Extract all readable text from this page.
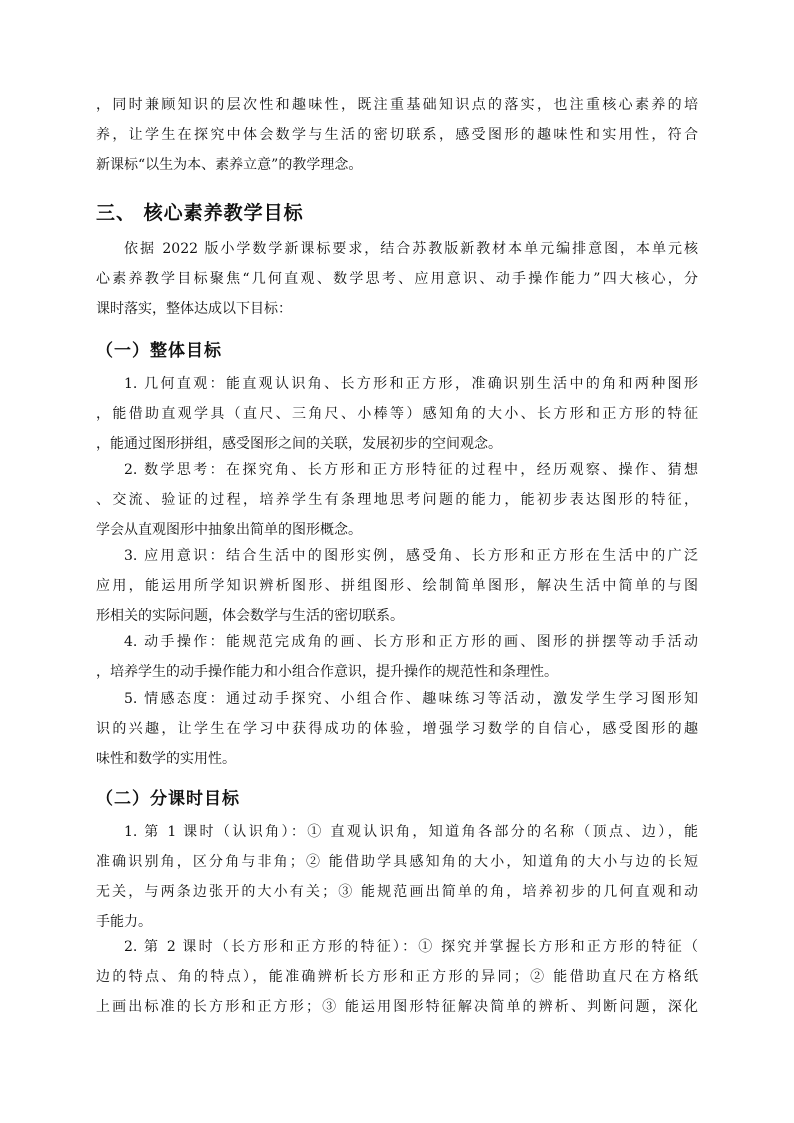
，同时兼顾知识的层次性和趣味性，既注重基础知识点的落实，也注重核心素养的培
养，让学生在探究中体会数学与生活的密切联系，感受图形的趣味性和实用性，符合
新课标“以生为本、素养立意”的教学理念。
三、 核心素养教学目标
依据 2022 版小学数学新课标要求，结合苏教版新教材本单元编排意图，本单元核
心素养教学目标聚焦“几何直观、数学思考、应用意识、动手操作能力”四大核心，分
课时落实，整体达成以下目标：
（一）整体目标
1. 几何直观：能直观认识角、长方形和正方形，准确识别生活中的角和两种图形
，能借助直观学具（直尺、三角尺、小棒等）感知角的大小、长方形和正方形的特征
，能通过图形拼组，感受图形之间的关联，发展初步的空间观念。
2. 数学思考：在探究角、长方形和正方形特征的过程中，经历观察、操作、猜想
、交流、验证的过程，培养学生有条理地思考问题的能力，能初步表达图形的特征，
学会从直观图形中抽象出简单的图形概念。
3. 应用意识：结合生活中的图形实例，感受角、长方形和正方形在生活中的广泛
应用，能运用所学知识辨析图形、拼组图形、绘制简单图形，解决生活中简单的与图
形相关的实际问题，体会数学与生活的密切联系。
4. 动手操作：能规范完成角的画、长方形和正方形的画、图形的拼摆等动手活动
，培养学生的动手操作能力和小组合作意识，提升操作的规范性和条理性。
5. 情感态度：通过动手探究、小组合作、趣味练习等活动，激发学生学习图形知
识的兴趣，让学生在学习中获得成功的体验，增强学习数学的自信心，感受图形的趣
味性和数学的实用性。
（二）分课时目标
1. 第 1 课时（认识角）：① 直观认识角，知道角各部分的名称（顶点、边），能
准确识别角，区分角与非角；② 能借助学具感知角的大小，知道角的大小与边的长短
无关，与两条边张开的大小有关；③ 能规范画出简单的角，培养初步的几何直观和动
手能力。
2. 第 2 课时（长方形和正方形的特征）：① 探究并掌握长方形和正方形的特征（
边的特点、角的特点），能准确辨析长方形和正方形的异同；② 能借助直尺在方格纸
上画出标准的长方形和正方形；③ 能运用图形特征解决简单的辨析、判断问题，深化
